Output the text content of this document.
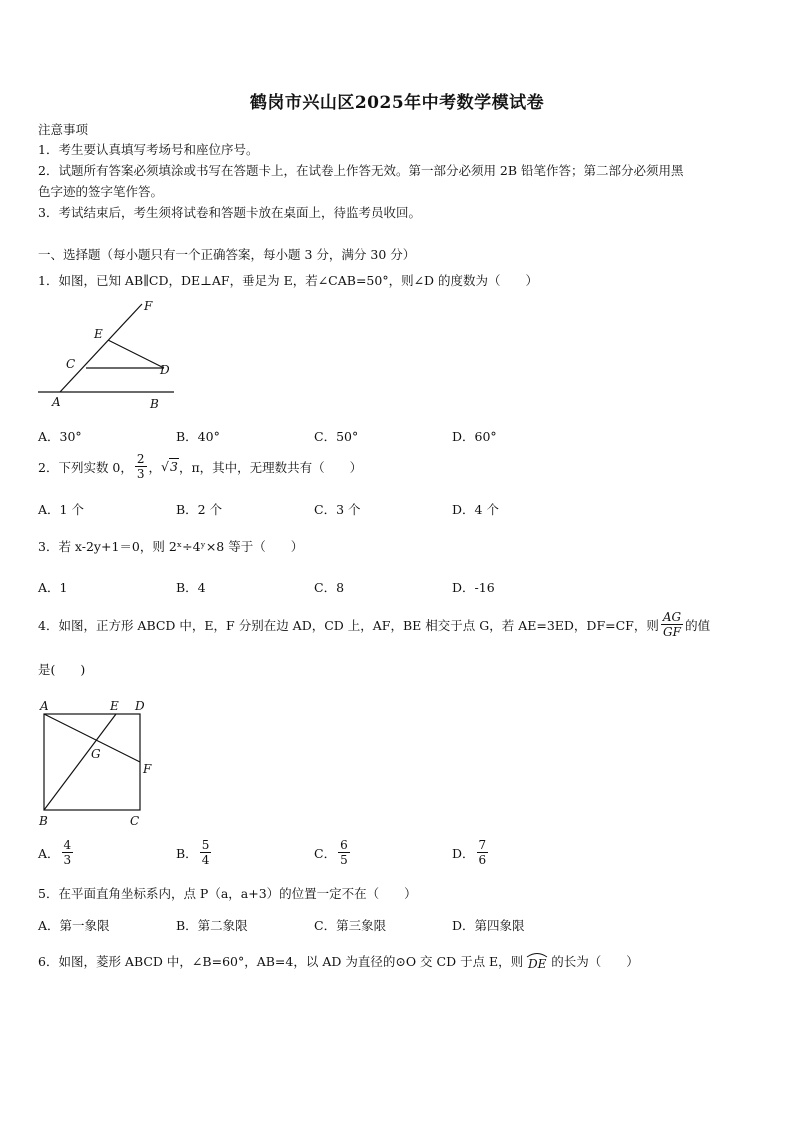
鹤岗市兴山区2025年中考数学模试卷
注意事项
1．考生要认真填写考场号和座位序号。
2．试题所有答案必须填涂或书写在答题卡上，在试卷上作答无效。第一部分必须用 2B 铅笔作答；第二部分必须用黑
色字迹的签字笔作答。
3．考试结束后，考生须将试卷和答题卡放在桌面上，待监考员收回。
一、选择题（每小题只有一个正确答案，每小题 3 分，满分 30 分）
1．如图，已知 AB∥CD，DE⊥AF，垂足为 E，若∠CAB=50°，则∠D 的度数为（　　）
F
E
C	D
A	B
A．30°	B．40°	C．50°	D．60°
2．下列实数 0， $\frac{2}{3}$ ， √3 ，π，其中，无理数共有（　　）
A．1 个	B．2 个	C．3 个	D．4 个
3．若 x-2y+1＝0，则 2ˣ÷4ʸ×8 等于（　　）
A．1	B．4	C．8	D．-16
4．如图，正方形 ABCD 中，E，F 分别在边 AD，CD 上，AF，BE 相交于点 G，若 AE=3ED，DF=CF，则 $\frac{AG}{GF}$ 的值
是(　　)
A	E D
G
F
B	C
A． $\frac{4}{3}$	B． $\frac{5}{4}$	C． $\frac{6}{5}$	D． $\frac{7}{6}$
5．在平面直角坐标系内，点 P（a，a+3）的位置一定不在（　　）
A．第一象限	B．第二象限	C．第三象限	D．第四象限
6．如图，菱形 ABCD 中，∠B=60°，AB=4，以 AD 为直径的⊙O 交 CD 于点 E，则 DE 的长为（　　）
